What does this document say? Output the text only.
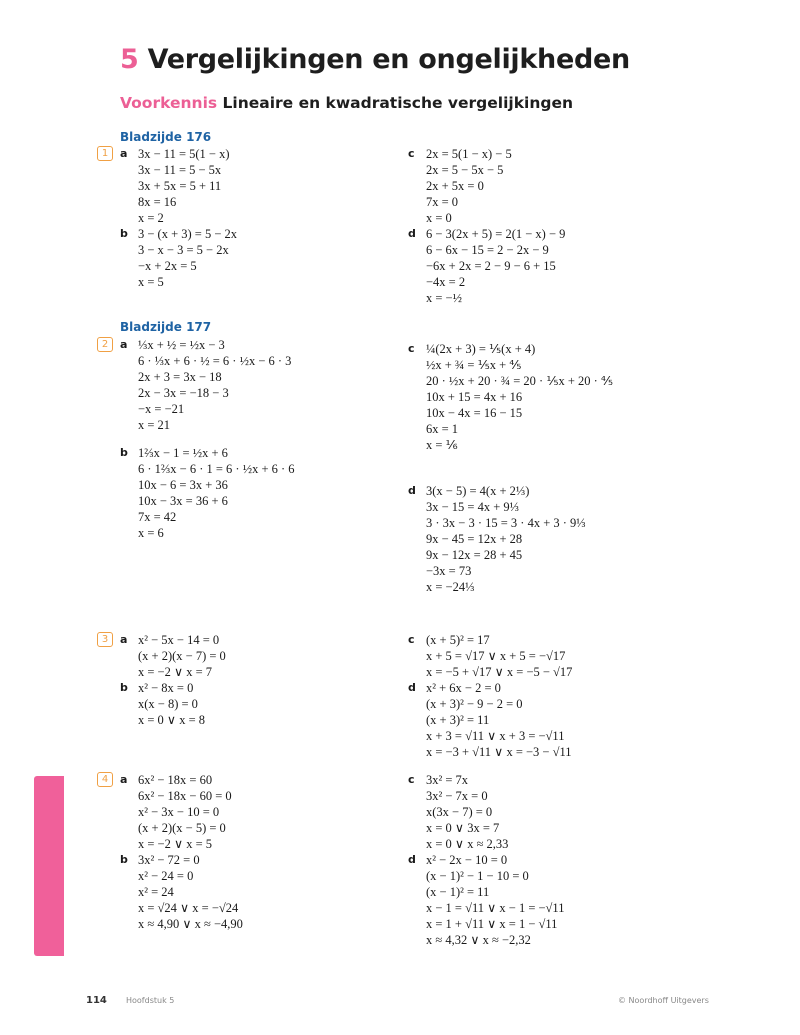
5 Vergelijkingen en ongelijkheden
Voorkennis Lineaire en kwadratische vergelijkingen
Bladzijde 176
Bladzijde 177
1	a 3x − 11 = 5(1 − x)
3x − 11 = 5 − 5x
3x + 5x = 5 + 11
8x = 16
x = 2
b 3 − (x + 3) = 5 − 2x
3 − x − 3 = 5 − 2x
−x + 2x = 5
x = 5
c 2x = 5(1 − x) − 5
2x = 5 − 5x − 5
2x + 5x = 0
7x = 0
x = 0
d 6 − 3(2x + 5) = 2(1 − x) − 9
6 − 6x − 15 = 2 − 2x − 9
−6x + 2x = 2 − 9 − 6 + 15
−4x = 2
x = −½
2	a ⅓x + ½ = ½x − 3
6 · ⅓x + 6 · ½ = 6 · ½x − 6 · 3
2x + 3 = 3x − 18
2x − 3x = −18 − 3
−x = −21
x = 21
b 1⅔x − 1 = ½x + 6
6 · 1⅔x − 6 · 1 = 6 · ½x + 6 · 6
10x − 6 = 3x + 36
10x − 3x = 36 + 6
7x = 42
x = 6
c ¼(2x + 3) = ⅕(x + 4)
½x + ¾ = ⅕x + ⅘
20 · ½x + 20 · ¾ = 20 · ⅕x + 20 · ⅘
10x + 15 = 4x + 16
10x − 4x = 16 − 15
6x = 1
x = ⅙
d 3(x − 5) = 4(x + 2⅓)
3x − 15 = 4x + 9⅓
3 · 3x − 3 · 15 = 3 · 4x + 3 · 9⅓
9x − 45 = 12x + 28
9x − 12x = 28 + 45
−3x = 73
x = −24⅓
3	a x² − 5x − 14 = 0
(x + 2)(x − 7) = 0
x = −2 ∨ x = 7
b x² − 8x = 0
x(x − 8) = 0
x = 0 ∨ x = 8
c (x + 5)² = 17
x + 5 = √17 ∨ x + 5 = −√17
x = −5 + √17 ∨ x = −5 − √17
d x² + 6x − 2 = 0
(x + 3)² − 9 − 2 = 0
(x + 3)² = 11
x + 3 = √11 ∨ x + 3 = −√11
x = −3 + √11 ∨ x = −3 − √11
4	a 6x² − 18x = 60
6x² − 18x − 60 = 0
x² − 3x − 10 = 0
(x + 2)(x − 5) = 0
x = −2 ∨ x = 5
b 3x² − 72 = 0
x² − 24 = 0
x² = 24
x = √24 ∨ x = −√24
x ≈ 4,90 ∨ x ≈ −4,90
c 3x² = 7x
3x² − 7x = 0
x(3x − 7) = 0
x = 0 ∨ 3x = 7
x = 0 ∨ x ≈ 2,33
d x² − 2x − 10 = 0
(x − 1)² − 1 − 10 = 0
(x − 1)² = 11
x − 1 = √11 ∨ x − 1 = −√11
x = 1 + √11 ∨ x = 1 − √11
x ≈ 4,32 ∨ x ≈ −2,32
114 Hoofdstuk 5	© Noordhoff Uitgevers
